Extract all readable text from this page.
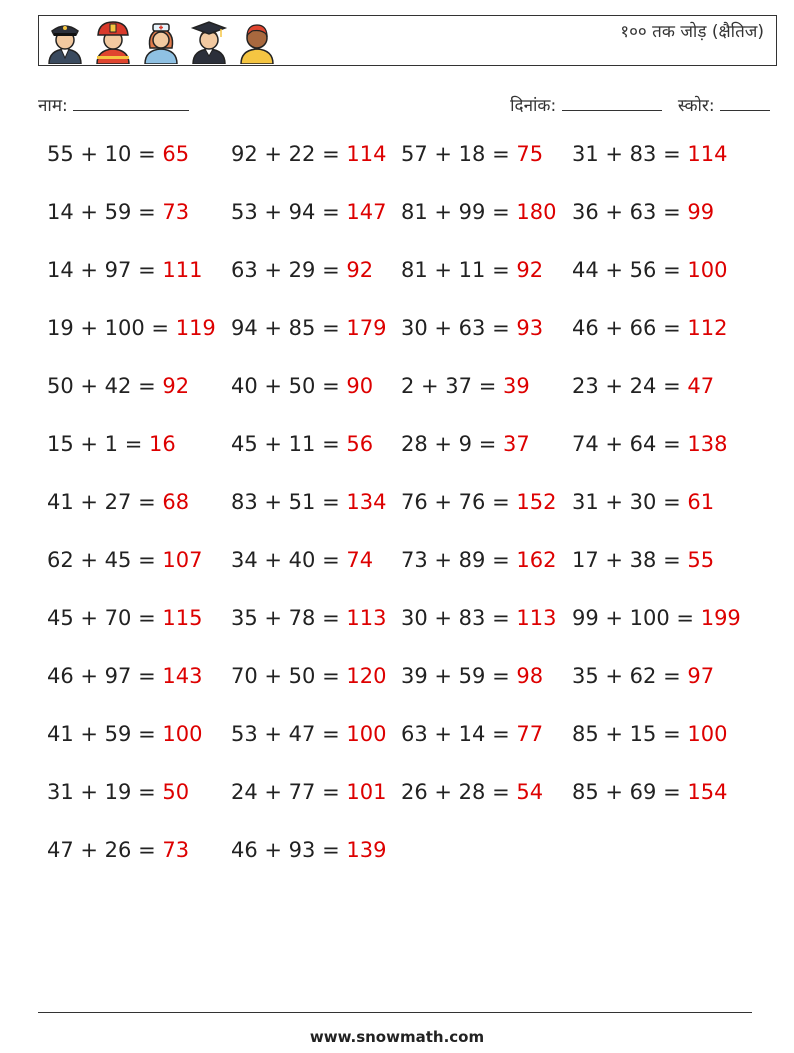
१०० तक जोड़ (क्षैतिज)
नाम:	दिनांक:	स्कोर:
55 + 10 = 65 92 + 22 = 114 57 + 18 = 75 31 + 83 = 114
14 + 59 = 73 53 + 94 = 147 81 + 99 = 180 36 + 63 = 99
14 + 97 = 111 63 + 29 = 92 81 + 11 = 92 44 + 56 = 100
19 + 100 = 119 94 + 85 = 179 30 + 63 = 93 46 + 66 = 112
50 + 42 = 92 40 + 50 = 90 2 + 37 = 39 23 + 24 = 47
15 + 1 = 16	45 + 11 = 56 28 + 9 = 37 74 + 64 = 138
41 + 27 = 68 83 + 51 = 134 76 + 76 = 152 31 + 30 = 61
62 + 45 = 107 34 + 40 = 74 73 + 89 = 162 17 + 38 = 55
45 + 70 = 115 35 + 78 = 113 30 + 83 = 113 99 + 100 = 199
46 + 97 = 143 70 + 50 = 120 39 + 59 = 98 35 + 62 = 97
41 + 59 = 100 53 + 47 = 100 63 + 14 = 77 85 + 15 = 100
31 + 19 = 50 24 + 77 = 101 26 + 28 = 54 85 + 69 = 154
47 + 26 = 73 46 + 93 = 139
www.snowmath.com
